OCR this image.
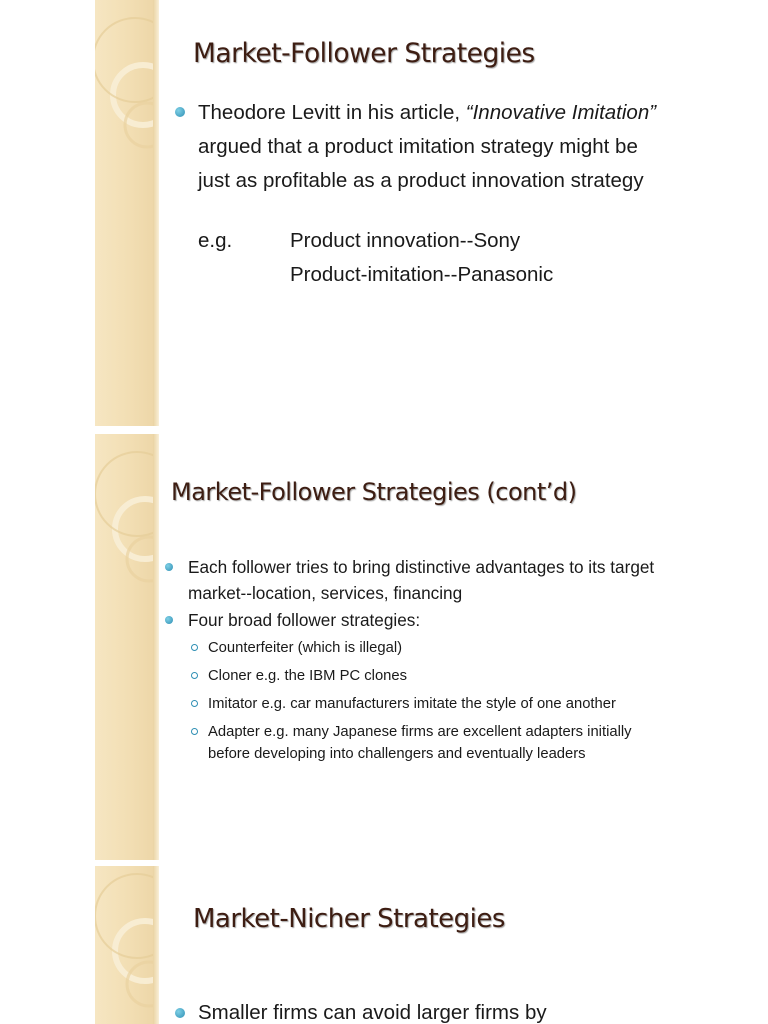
Market-Follower Strategies
Theodore Levitt in his article, “Innovative Imitation” argued that a product imitation strategy might be just as profitable as a product innovation strategy
e.g.	Product innovation--Sony
Product-imitation--Panasonic
Market-Follower Strategies (cont’d)
Each follower tries to bring distinctive advantages to its target market--location, services, financing
Four broad follower strategies:
Counterfeiter (which is illegal)
Cloner e.g. the IBM PC clones
Imitator e.g. car manufacturers imitate the style of one another
Adapter e.g. many Japanese firms are excellent adapters initially before developing into challengers and eventually leaders
Market-Nicher Strategies
Smaller firms can avoid larger firms by
